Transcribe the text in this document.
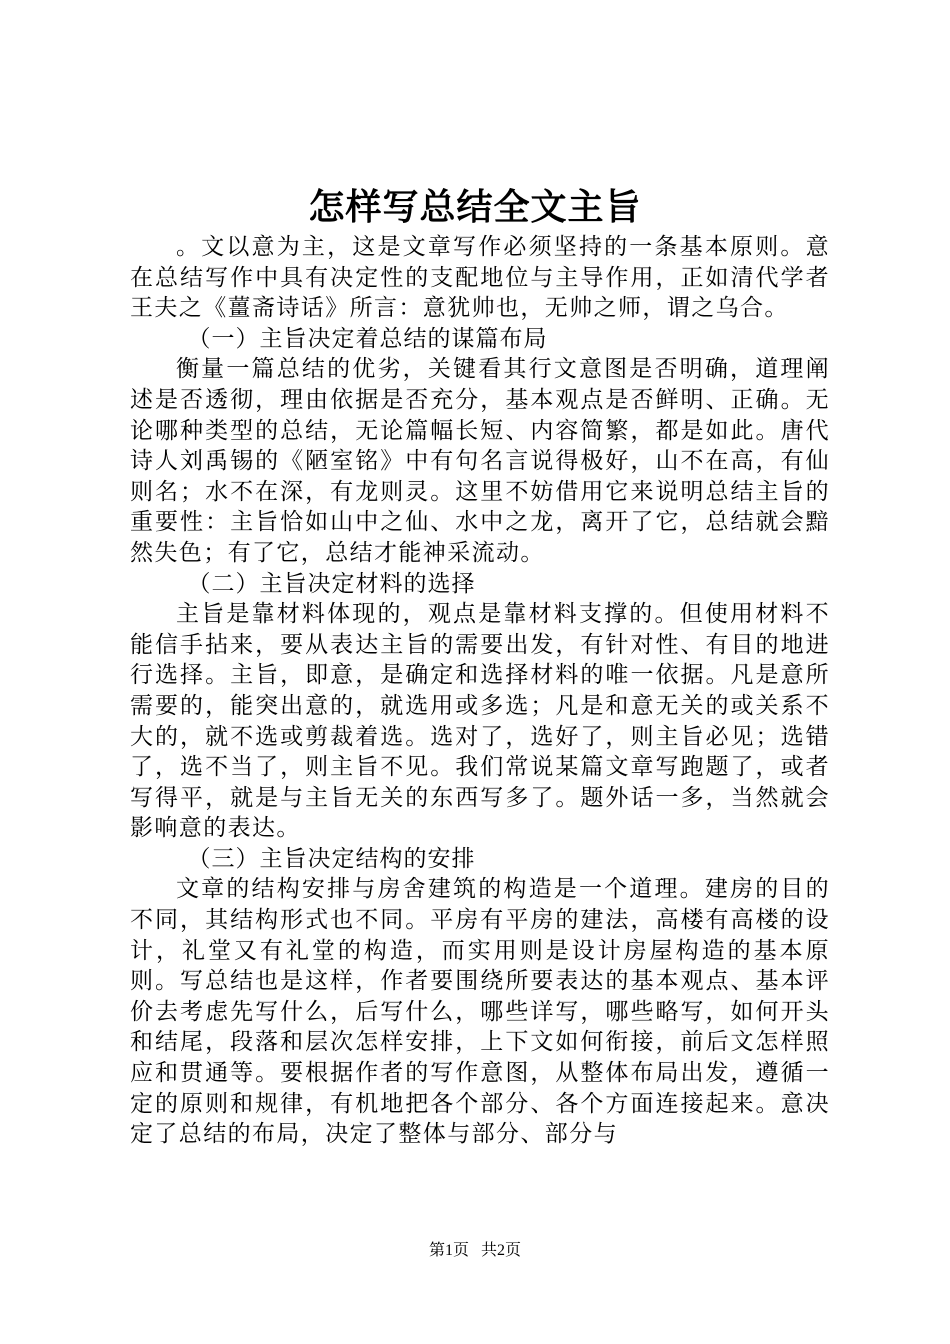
怎样写总结全文主旨

。文以意为主，这是文章写作必须坚持的一条基本原则。意在总结写作中具有决定性的支配地位与主导作用，正如清代学者王夫之《薑斋诗话》所言：意犹帅也，无帅之师，谓之乌合。

（一）主旨决定着总结的谋篇布局

衡量一篇总结的优劣，关键看其行文意图是否明确，道理阐述是否透彻，理由依据是否充分，基本观点是否鲜明、正确。无论哪种类型的总结，无论篇幅长短、内容简繁，都是如此。唐代诗人刘禹锡的《陋室铭》中有句名言说得极好，山不在高，有仙则名；水不在深，有龙则灵。这里不妨借用它来说明总结主旨的重要性：主旨恰如山中之仙、水中之龙，离开了它，总结就会黯然失色；有了它，总结才能神采流动。

（二）主旨决定材料的选择

主旨是靠材料体现的，观点是靠材料支撑的。但使用材料不能信手拈来，要从表达主旨的需要出发，有针对性、有目的地进行选择。主旨，即意，是确定和选择材料的唯一依据。凡是意所需要的，能突出意的，就选用或多选；凡是和意无关的或关系不大的，就不选或剪裁着选。选对了，选好了，则主旨必见；选错了，选不当了，则主旨不见。我们常说某篇文章写跑题了，或者写得平，就是与主旨无关的东西写多了。题外话一多，当然就会影响意的表达。

（三）主旨决定结构的安排

文章的结构安排与房舍建筑的构造是一个道理。建房的目的不同，其结构形式也不同。平房有平房的建法，高楼有高楼的设计，礼堂又有礼堂的构造，而实用则是设计房屋构造的基本原则。写总结也是这样，作者要围绕所要表达的基本观点、基本评价去考虑先写什么，后写什么，哪些详写，哪些略写，如何开头和结尾，段落和层次怎样安排，上下文如何衔接，前后文怎样照应和贯通等。要根据作者的写作意图，从整体布局出发，遵循一定的原则和规律，有机地把各个部分、各个方面连接起来。意决定了总结的布局，决定了整体与部分、部分与

第1页 共2页
